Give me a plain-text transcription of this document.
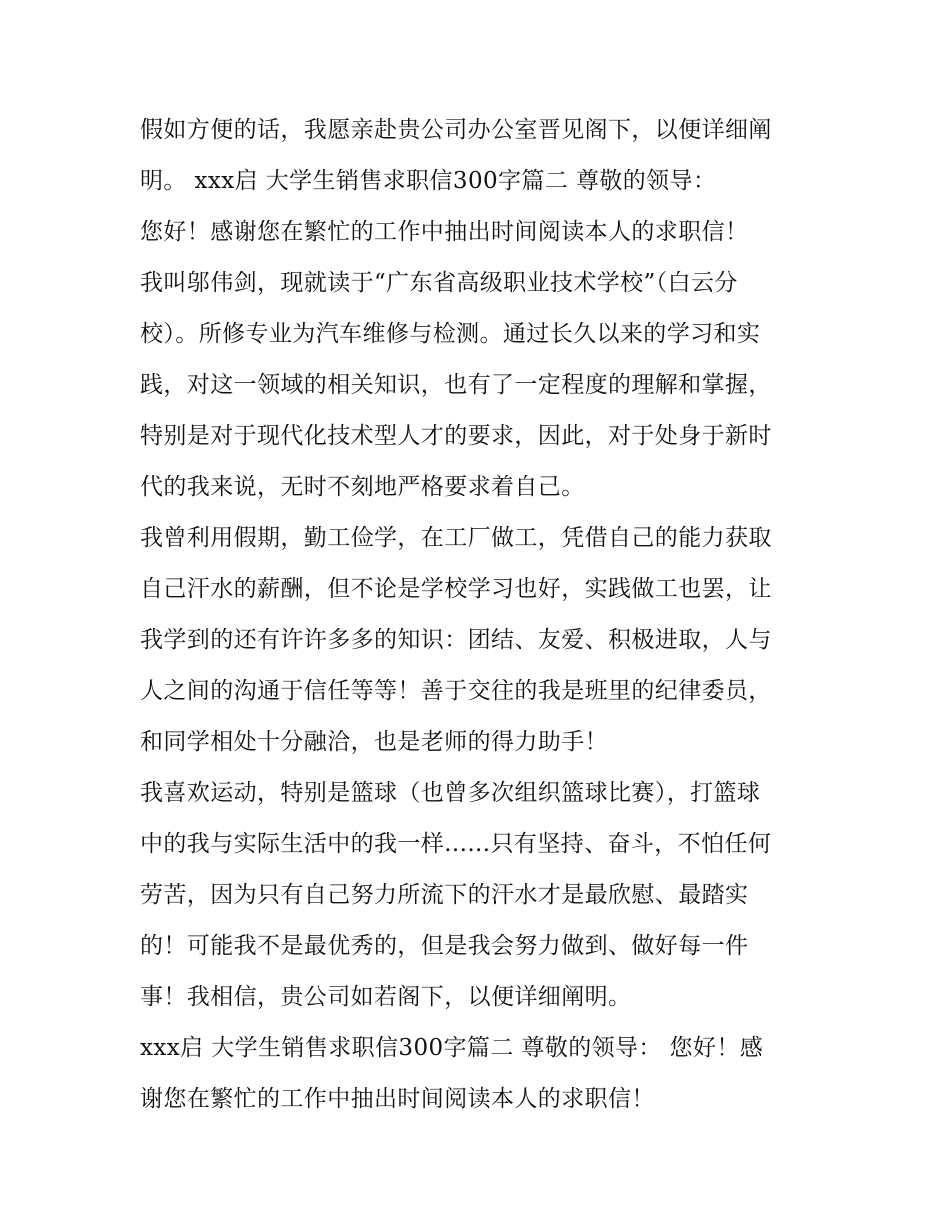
假如方便的话，我愿亲赴贵公司办公室晋见阁下，以便详细阐
明。 xxx启 大学生销售求职信300字篇二 尊敬的领导：
您好！感谢您在繁忙的工作中抽出时间阅读本人的求职信！
我叫邬伟剑，现就读于“广东省高级职业技术学校”（白云分
校）。所修专业为汽车维修与检测。通过长久以来的学习和实
践，对这一领域的相关知识，也有了一定程度的理解和掌握，
特别是对于现代化技术型人才的要求，因此，对于处身于新时
代的我来说，无时不刻地严格要求着自己。
我曾利用假期，勤工俭学，在工厂做工，凭借自己的能力获取
自己汗水的薪酬，但不论是学校学习也好，实践做工也罢，让
我学到的还有许许多多的知识：团结、友爱、积极进取，人与
人之间的沟通于信任等等！善于交往的我是班里的纪律委员，
和同学相处十分融洽，也是老师的得力助手！
我喜欢运动，特别是篮球（也曾多次组织篮球比赛），打篮球
中的我与实际生活中的我一样......只有坚持、奋斗，不怕任何
劳苦，因为只有自己努力所流下的汗水才是最欣慰、最踏实
的！可能我不是最优秀的，但是我会努力做到、做好每一件
事！我相信，贵公司如若阁下，以便详细阐明。
xxx启 大学生销售求职信300字篇二 尊敬的领导： 您好！感
谢您在繁忙的工作中抽出时间阅读本人的求职信！
